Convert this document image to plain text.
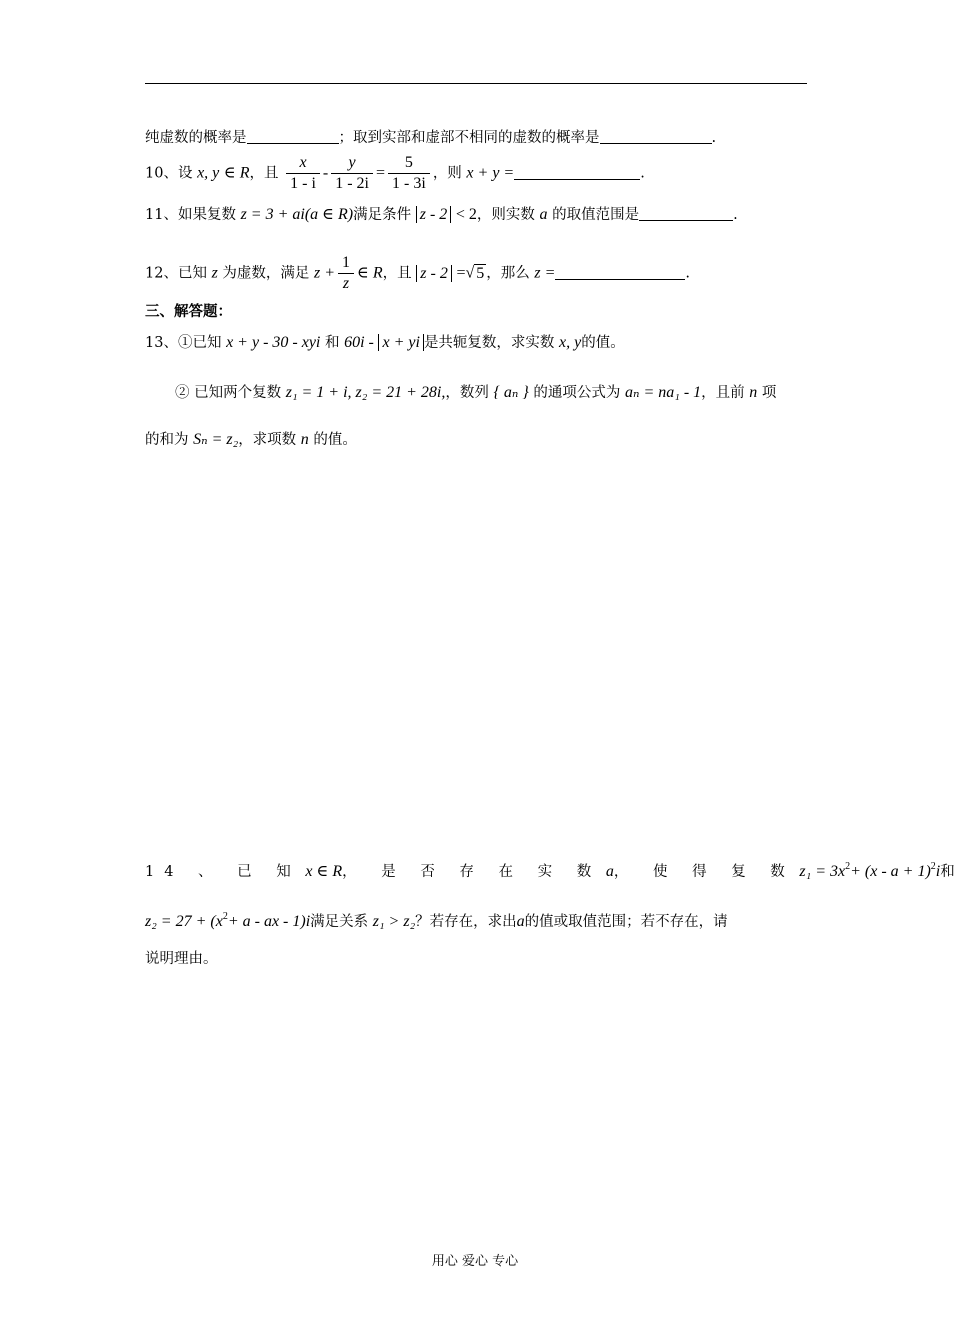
纯虚数的概率是	；取到实部和虚部不相同的虚数的概率是	.
10、设 x, y ∈ R，且 $\frac{x}{1 - i} - \frac{y}{1 - 2i} = \frac{5}{1 - 3i}$ ，则 x + y =	.
11、如果复数 z = 3 + ai(a ∈ R)满足条件 z - 2 < 2，则实数 a 的取值范围是	.
12、已知 z 为虚数，满足 $z + \frac{1}{z}$ ∈ R，且 z - 2 =√ 5 ，那么 z =	.
三、解答题：
13、①已知 x + y - 30 - xyi 和 60i - x + yi 是共轭复数，求实数 x, y的值。
② 已知两个复数 z₁ = 1 + i, z₂ = 21 + 28i,，数列 { aₙ } 的通项公式为 aₙ = na₁ - 1，且前 n 项
的和为 Sₙ = z₂，求项数 n 的值。
14 、 已 知 x ∈ R， 是 否 存 在 实 数 a， 使 得 复 数 $z_1 = 3x^2+ (x - a + 1)^2i$和
$z_2 = 27 + (x^2+ a$ - ax - 1)i满足关系 z₁ > z₂？若存在，求出a的值或取值范围；若不存在，请
说明理由。
用心 爱心 专心
